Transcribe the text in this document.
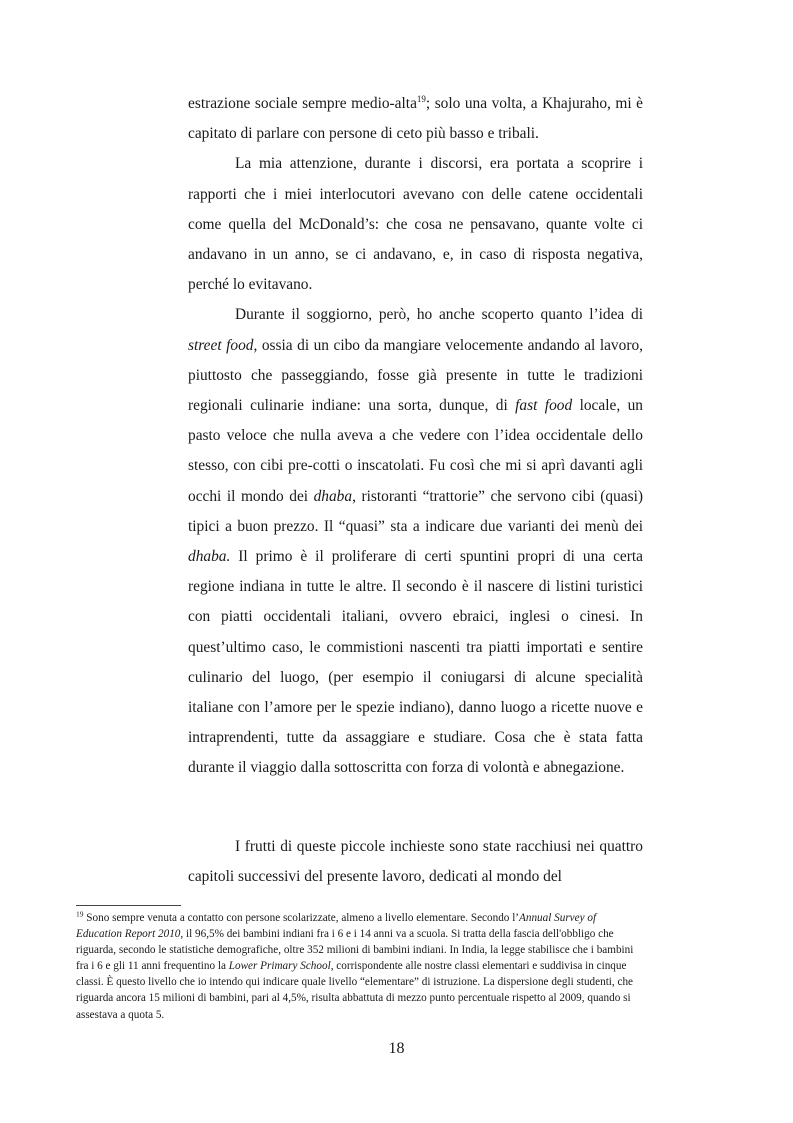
estrazione sociale sempre medio-alta$^{19}$; solo una volta, a Khajuraho, mi è capitato di parlare con persone di ceto più basso e tribali.

La mia attenzione, durante i discorsi, era portata a scoprire i rapporti che i miei interlocutori avevano con delle catene occidentali come quella del McDonald’s: che cosa ne pensavano, quante volte ci andavano in un anno, se ci andavano, e, in caso di risposta negativa, perché lo evitavano.

Durante il soggiorno, però, ho anche scoperto quanto l’idea di street food, ossia di un cibo da mangiare velocemente andando al lavoro, piuttosto che passeggiando, fosse già presente in tutte le tradizioni regionali culinarie indiane: una sorta, dunque, di fast food locale, un pasto veloce che nulla aveva a che vedere con l’idea occidentale dello stesso, con cibi pre-cotti o inscatolati. Fu così che mi si aprì davanti agli occhi il mondo dei dhaba, ristoranti “trattorie” che servono cibi (quasi) tipici a buon prezzo. Il “quasi” sta a indicare due varianti dei menù dei dhaba. Il primo è il proliferare di certi spuntini propri di una certa regione indiana in tutte le altre. Il secondo è il nascere di listini turistici con piatti occidentali italiani, ovvero ebraici, inglesi o cinesi. In quest’ultimo caso, le commistioni nascenti tra piatti importati e sentire culinario del luogo, (per esempio il coniugarsi di alcune specialità italiane con l’amore per le spezie indiano), danno luogo a ricette nuove e intraprendenti, tutte da assaggiare e studiare. Cosa che è stata fatta durante il viaggio dalla sottoscritta con forza di volontà e abnegazione.

I frutti di queste piccole inchieste sono state racchiusi nei quattro capitoli successivi del presente lavoro, dedicati al mondo del

$^{19}$ Sono sempre venuta a contatto con persone scolarizzate, almeno a livello elementare. Secondo l’Annual Survey of Education Report 2010, il 96,5% dei bambini indiani fra i 6 e i 14 anni va a scuola. Si tratta della fascia dell'obbligo che riguarda, secondo le statistiche demografiche, oltre 352 milioni di bambini indiani. In India, la legge stabilisce che i bambini fra i 6 e gli 11 anni frequentino la Lower Primary School, corrispondente alle nostre classi elementari e suddivisa in cinque classi. È questo livello che io intendo qui indicare quale livello “elementare” di istruzione. La dispersione degli studenti, che riguarda ancora 15 milioni di bambini, pari al 4,5%, risulta abbattuta di mezzo punto percentuale rispetto al 2009, quando si assestava a quota 5.

18
